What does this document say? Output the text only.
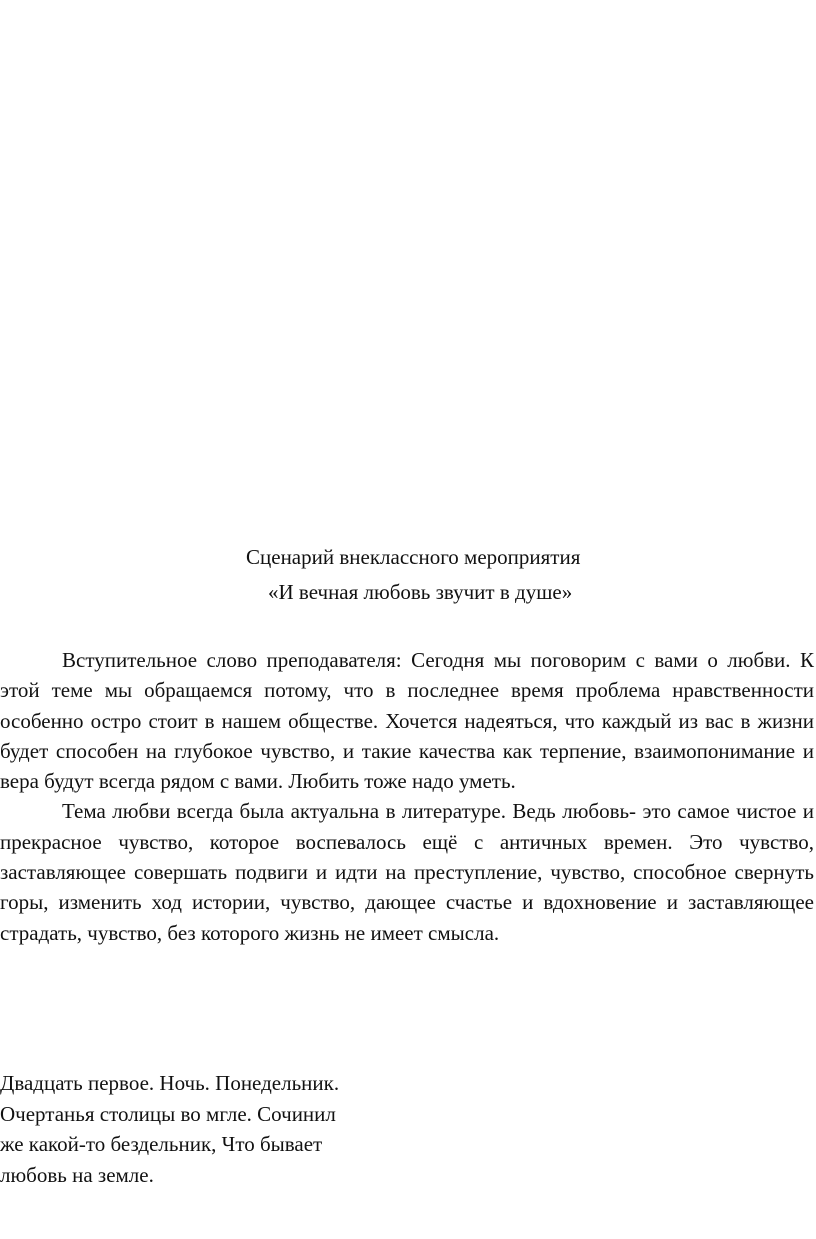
Сценарий внеклассного мероприятия
«И вечная любовь звучит в душе»

Вступительное слово преподавателя: Сегодня мы поговорим с вами о любви. К этой теме мы обращаемся потому, что в последнее время проблема нравственности особенно остро стоит в нашем обществе. Хочется надеяться, что каждый из вас в жизни будет способен на глубокое чувство, и такие качества как терпение, взаимопонимание и вера будут всегда рядом с вами. Любить тоже надо уметь.

Тема любви всегда была актуальна в литературе. Ведь любовь- это самое чистое и прекрасное чувство, которое воспевалось ещё с античных времен. Это чувство, заставляющее совершать подвиги и идти на преступление, чувство, способное свернуть горы, изменить ход истории, чувство, дающее счастье и вдохновение и заставляющее страдать, чувство, без которого жизнь не имеет смысла.

Двадцать первое. Ночь. Понедельник.
Очертанья столицы во мгле. Сочинил
же какой-то бездельник, Что бывает
любовь на земле.
